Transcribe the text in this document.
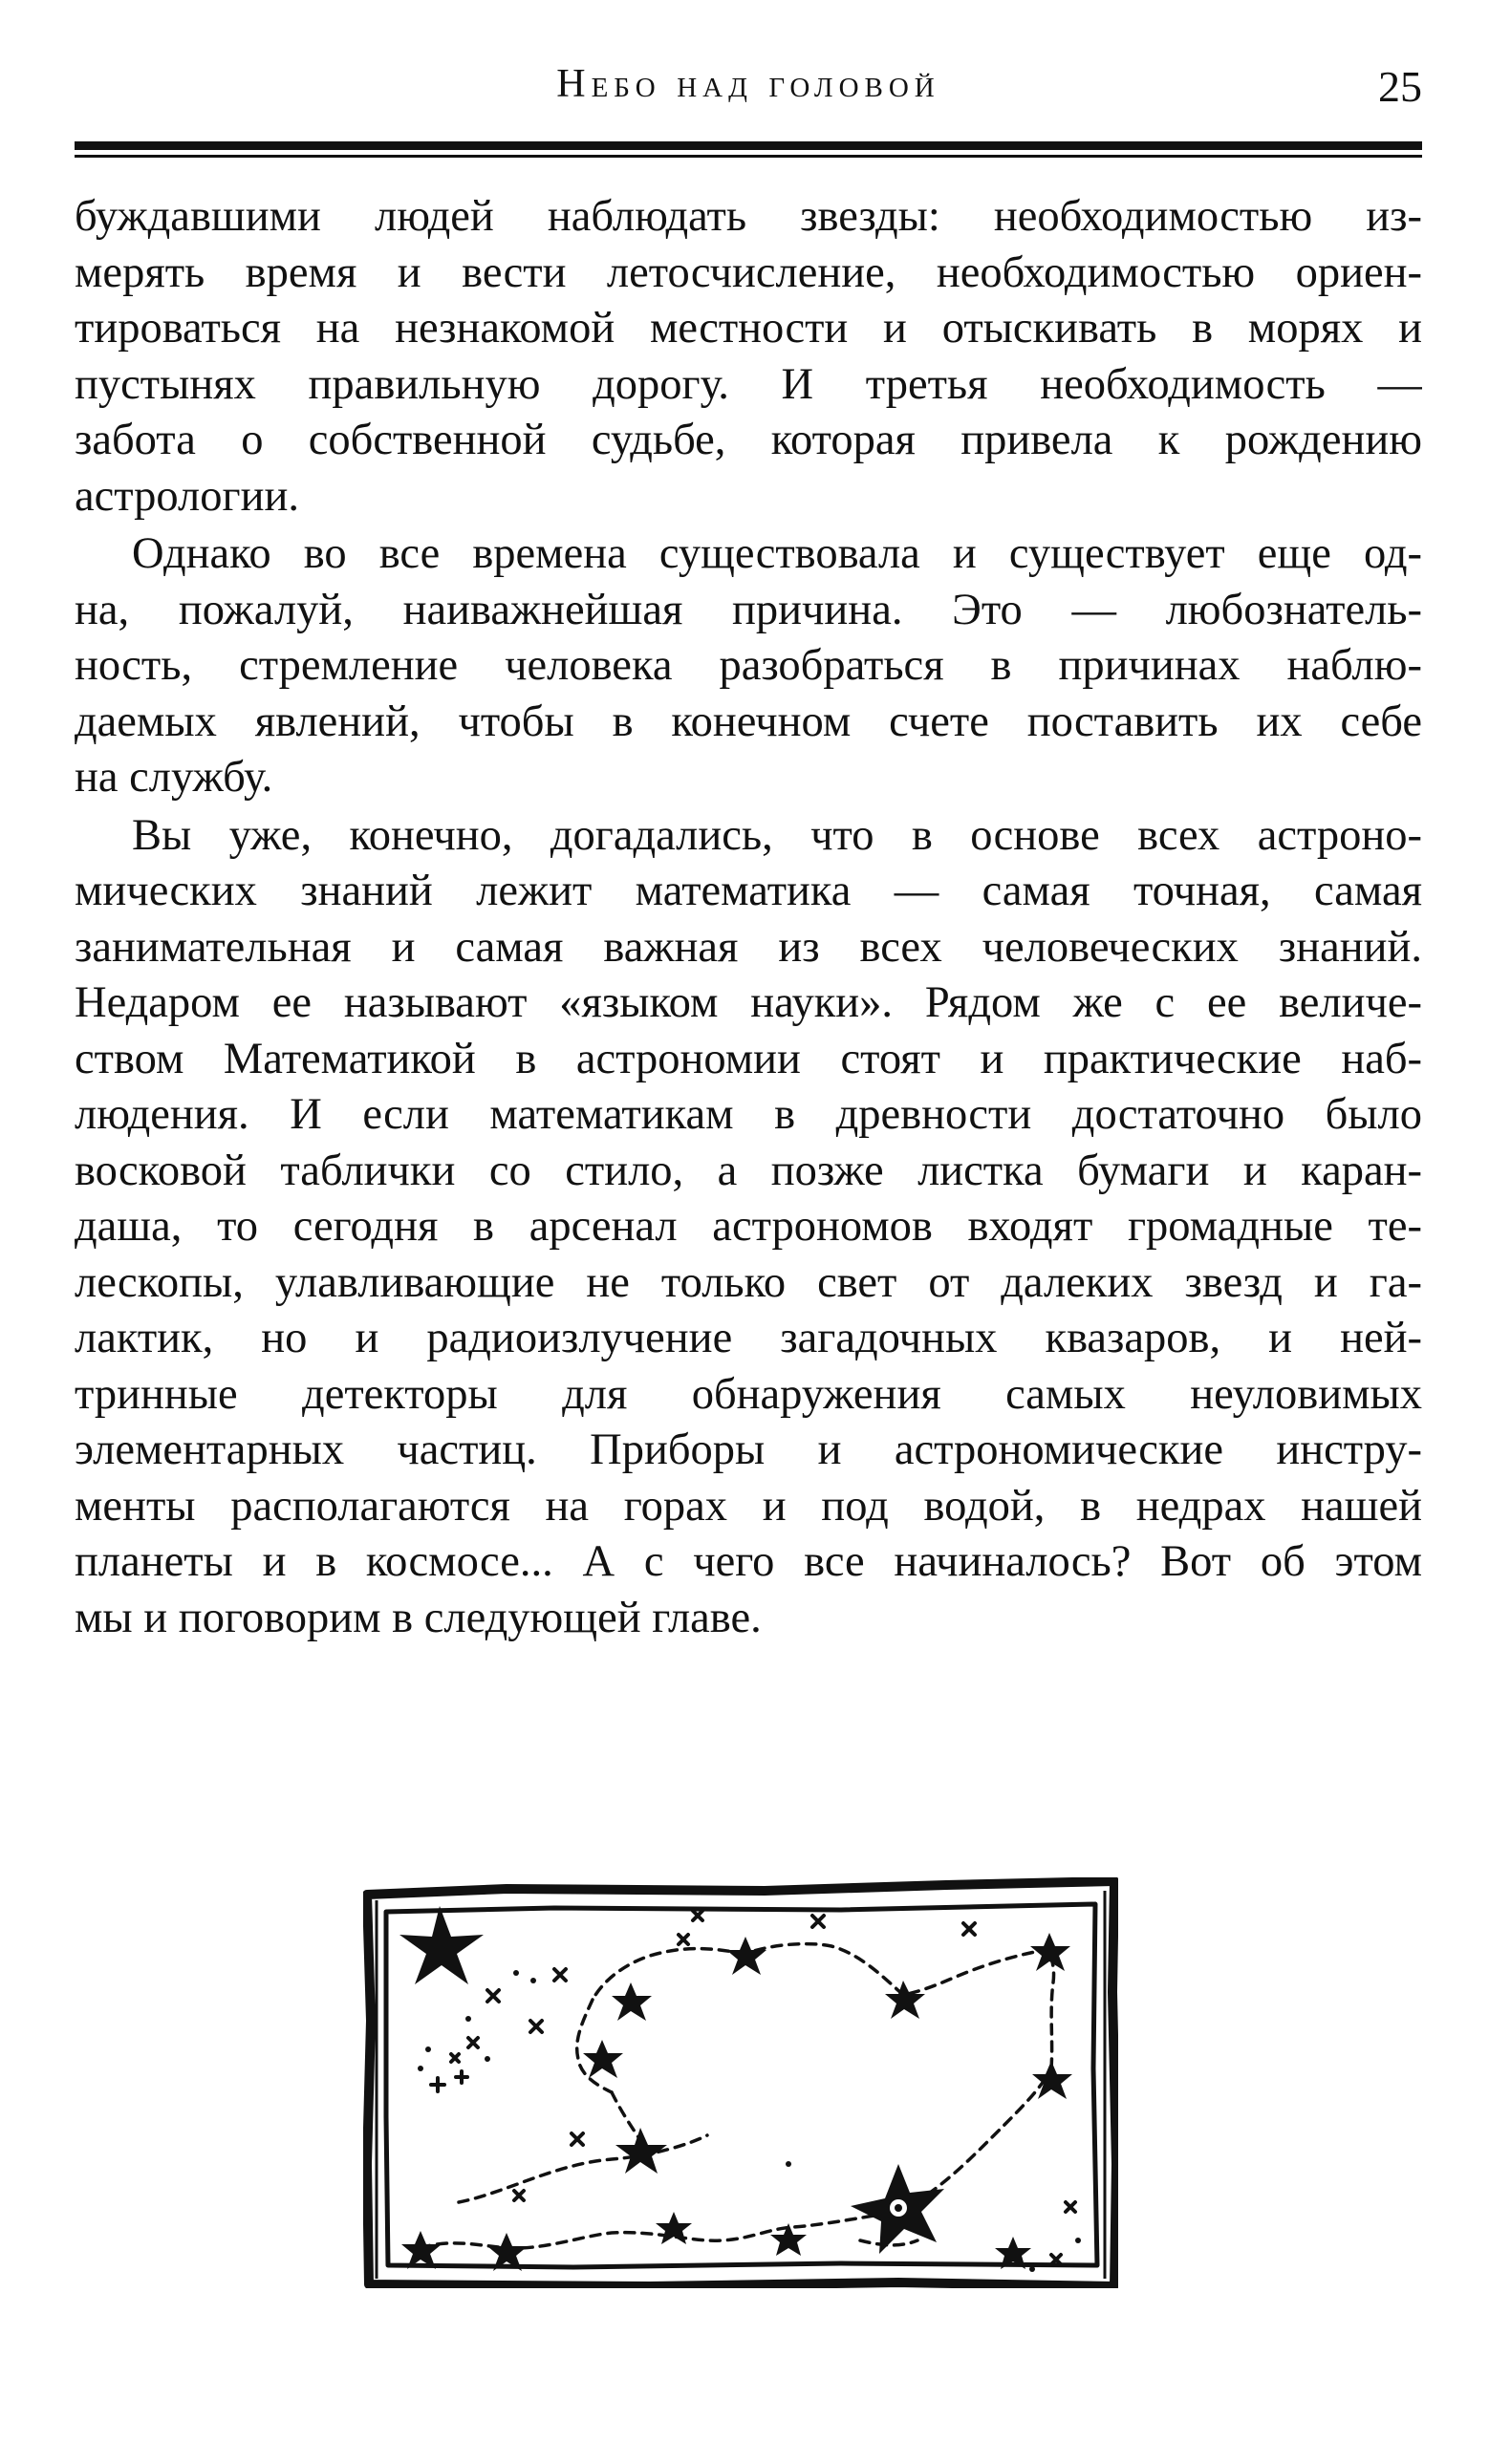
Небо над головой	25

буждавшими людей наблюдать звезды: необходимостью из-
мерять время и вести летосчисление, необходимостью ориен-
тироваться на незнакомой местности и отыскивать в морях и
пустынях правильную дорогу. И третья необходимость —
забота о собственной судьбе, которая привела к рождению
астрологии.

Однако во все времена существовала и существует еще од-
на, пожалуй, наиважнейшая причина. Это — любознатель-
ность, стремление человека разобраться в причинах наблю-
даемых явлений, чтобы в конечном счете поставить их себе
на службу.

Вы уже, конечно, догадались, что в основе всех астроно-
мических знаний лежит математика — самая точная, самая
занимательная и самая важная из всех человеческих знаний.
Недаром ее называют «языком науки». Рядом же с ее величе-
ством Математикой в астрономии стоят и практические наб-
людения. И если математикам в древности достаточно было
восковой таблички со стило, а позже листка бумаги и каран-
даша, то сегодня в арсенал астрономов входят громадные те-
лескопы, улавливающие не только свет от далеких звезд и га-
лактик, но и радиоизлучение загадочных квазаров, и ней-
тринные детекторы для обнаружения самых неуловимых
элементарных частиц. Приборы и астрономические инстру-
менты располагаются на горах и под водой, в недрах нашей
планеты и в космосе... А с чего все начиналось? Вот об этом
мы и поговорим в следующей главе.
